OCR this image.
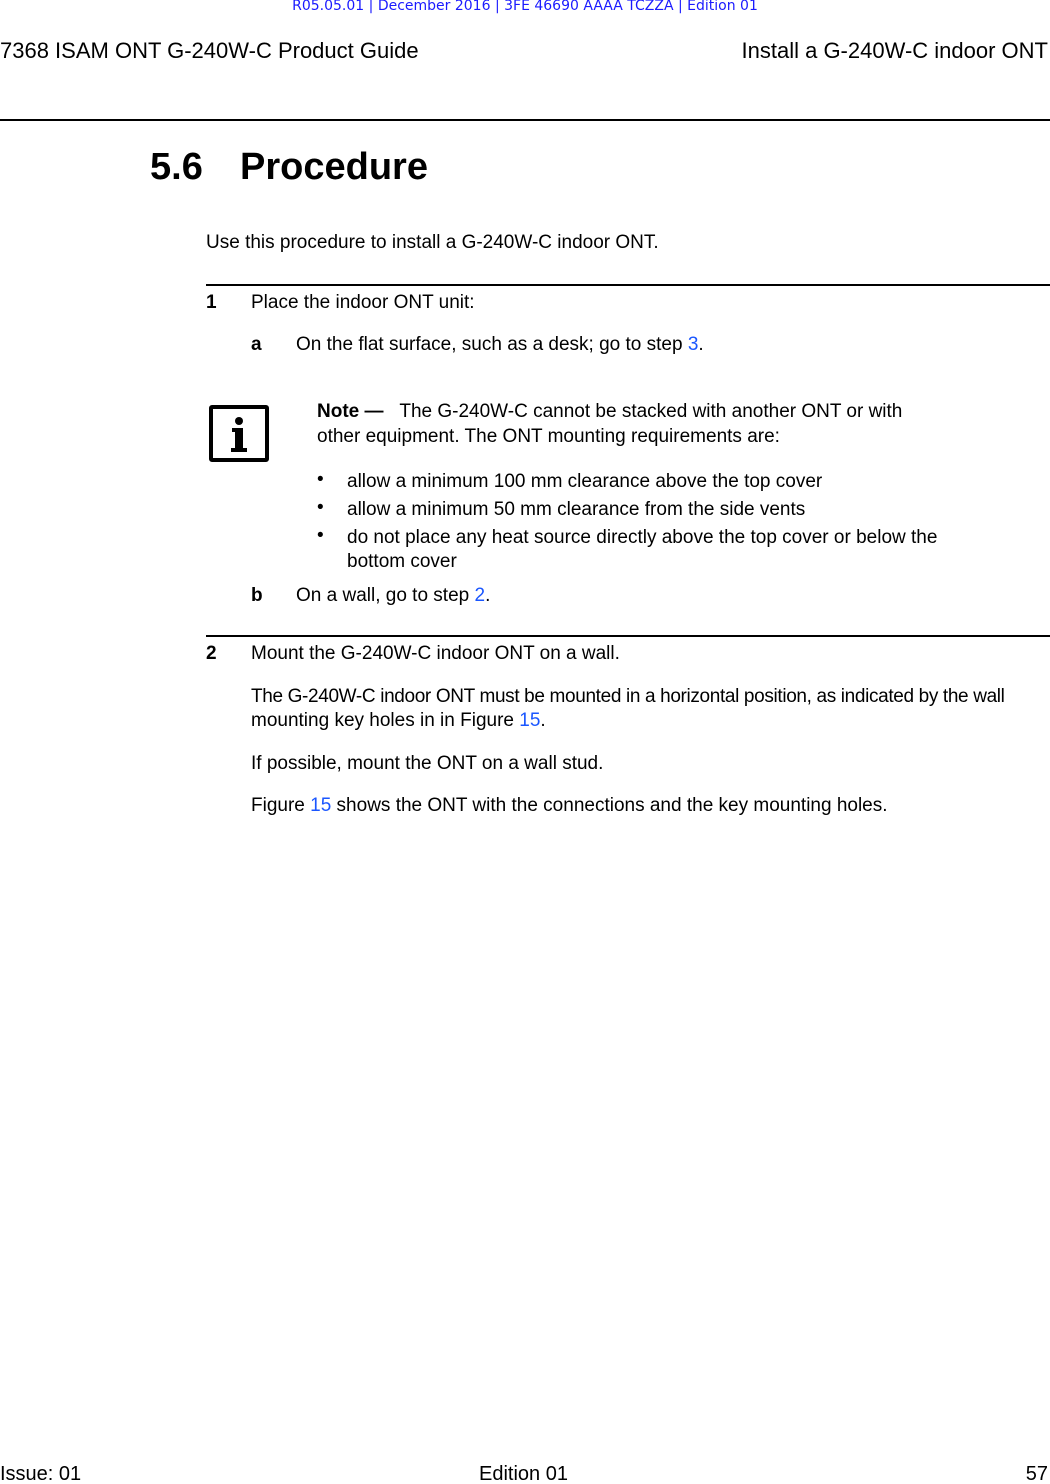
R05.05.01 | December 2016 | 3FE 46690 AAAA TCZZA | Edition 01
7368 ISAM ONT G-240W-C Product Guide	Install a G-240W-C indoor ONT
5.6 Procedure
Use this procedure to install a G-240W-C indoor ONT.
1 Place the indoor ONT unit:
a On the flat surface, such as a desk; go to step 3.
Note — The G-240W-C cannot be stacked with another ONT or with
other equipment. The ONT mounting requirements are:
• allow a minimum 100 mm clearance above the top cover
• allow a minimum 50 mm clearance from the side vents
• do not place any heat source directly above the top cover or below the
bottom cover
b On a wall, go to step 2.
2 Mount the G-240W-C indoor ONT on a wall.
The G-240W-C indoor ONT must be mounted in a horizontal position, as indicated by the wall
mounting key holes in in Figure 15.
If possible, mount the ONT on a wall stud.
Figure 15 shows the ONT with the connections and the key mounting holes.
Issue: 01	Edition 01	57
